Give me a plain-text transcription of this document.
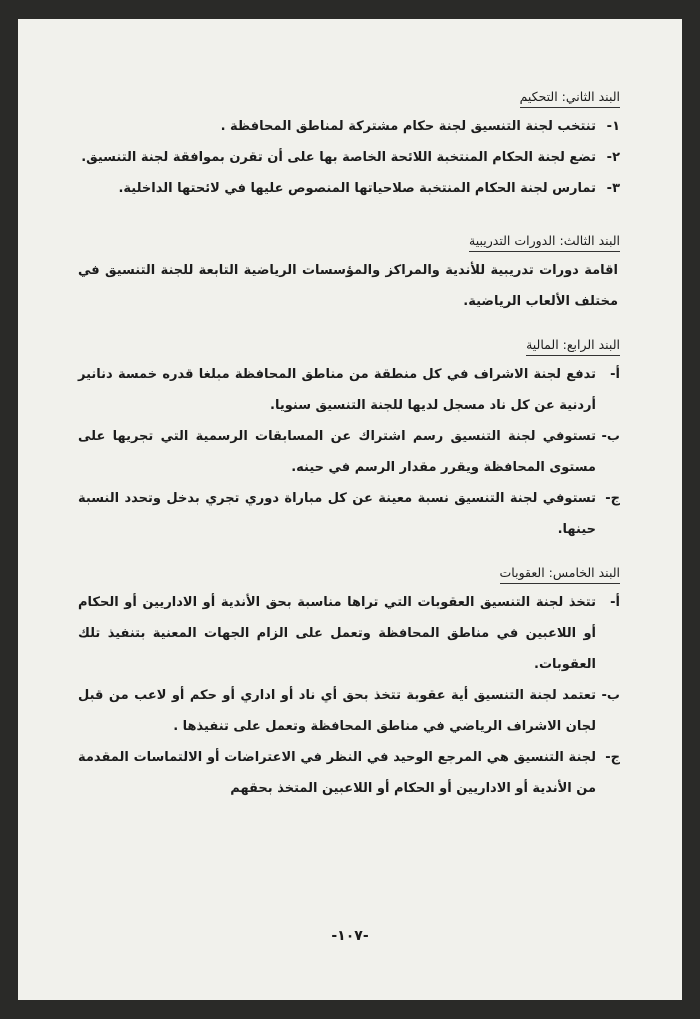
البند الثاني: التحكيم
١-
تنتخب لجنة التنسيق لجنة حكام مشتركة لمناطق المحافظة .
٢-
تضع لجنة الحكام المنتخبة اللائحة الخاصة بها على أن تقرن بموافقة لجنة التنسيق.
٣-
تمارس لجنة الحكام المنتخبة صلاحياتها المنصوص عليها في لائحتها الداخلية.
البند الثالث: الدورات التدريبية
اقامة دورات تدريبية للأندية والمراكز والمؤسسات الرياضية التابعة للجنة التنسيق في مختلف الألعاب الرياضية.
البند الرابع: المالية
أ-
تدفع لجنة الاشراف في كل منطقة من مناطق المحافظة مبلغا قدره خمسة دنانير أردنية عن كل ناد مسجل لديها للجنة التنسيق سنويا.
ب-
تستوفي لجنة التنسيق رسم اشتراك عن المسابقات الرسمية التي تجريها على مستوى المحافظة ويقرر مقدار الرسم في حينه.
ج-
تستوفي لجنة التنسيق نسبة معينة عن كل مباراة دوري تجري بدخل وتحدد النسبة حينها.
البند الخامس: العقوبات
أ-
تتخذ لجنة التنسيق العقوبات التي تراها مناسبة بحق الأندية أو الاداريين أو الحكام أو اللاعبين في مناطق المحافظة وتعمل على الزام الجهات المعنية بتنفيذ تلك العقوبات.
ب-
تعتمد لجنة التنسيق أية عقوبة تتخذ بحق أي ناد أو اداري أو حكم أو لاعب من قبل لجان الاشراف الرياضي في مناطق المحافظة وتعمل على تنفيذها .
ج-
لجنة التنسيق هي المرجع الوحيد في النظر في الاعتراضات أو الالتماسات المقدمة من الأندية أو الاداريين أو الحكام أو اللاعبين المتخذ بحقهم
-١٠٧-
